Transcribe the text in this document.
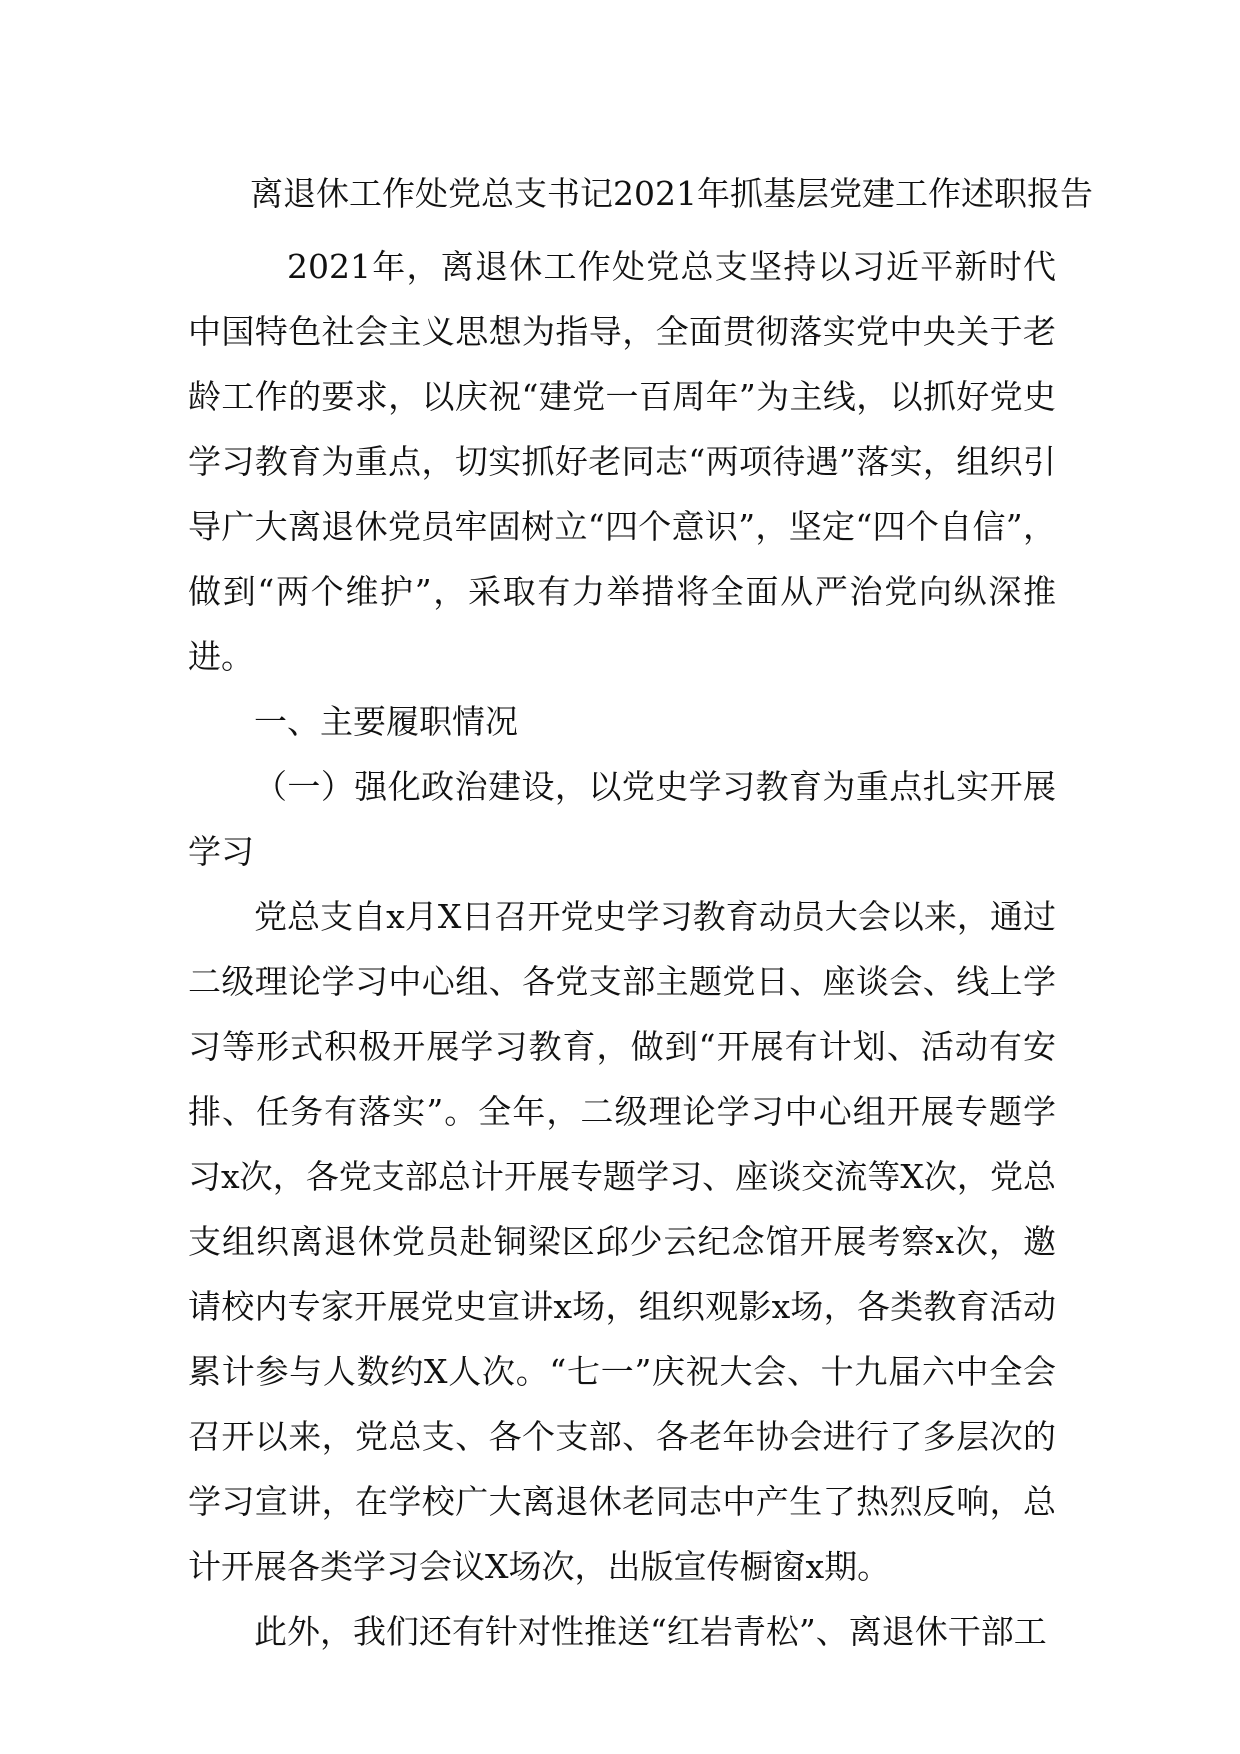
离退休工作处党总支书记2021年抓基层党建工作述职报告

2021年，离退休工作处党总支坚持以习近平新时代中国特色社会主义思想为指导，全面贯彻落实党中央关于老龄工作的要求，以庆祝“建党一百周年”为主线，以抓好党史学习教育为重点，切实抓好老同志“两项待遇”落实，组织引导广大离退休党员牢固树立“四个意识”，坚定“四个自信”，做到“两个维护”，采取有力举措将全面从严治党向纵深推进。

一、主要履职情况

（一）强化政治建设，以党史学习教育为重点扎实开展学习

党总支自x月X日召开党史学习教育动员大会以来，通过二级理论学习中心组、各党支部主题党日、座谈会、线上学习等形式积极开展学习教育，做到“开展有计划、活动有安排、任务有落实”。全年，二级理论学习中心组开展专题学习x次，各党支部总计开展专题学习、座谈交流等X次，党总支组织离退休党员赴铜梁区邱少云纪念馆开展考察x次，邀请校内专家开展党史宣讲x场，组织观影x场，各类教育活动累计参与人数约X人次。“七一”庆祝大会、十九届六中全会召开以来，党总支、各个支部、各老年协会进行了多层次的学习宣讲，在学校广大离退休老同志中产生了热烈反响，总计开展各类学习会议X场次，出版宣传橱窗x期。

此外，我们还有针对性推送“红岩青松”、离退休干部工
